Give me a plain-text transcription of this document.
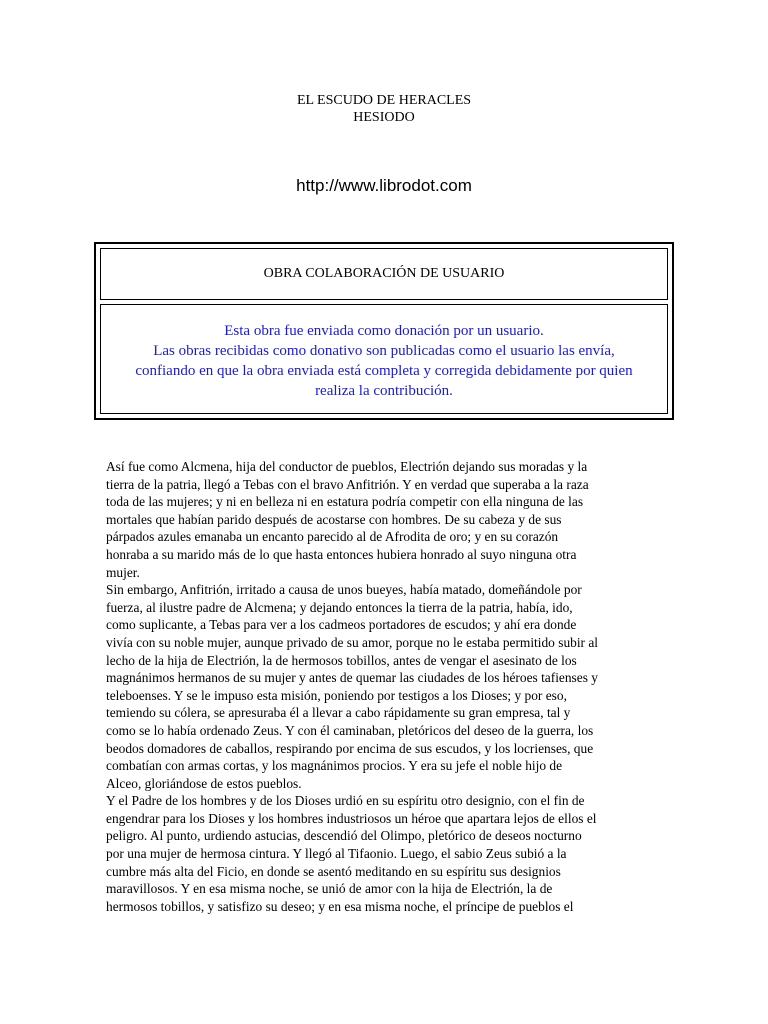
EL ESCUDO DE HERACLES
HESIODO
http://www.librodot.com
OBRA COLABORACIÓN DE USUARIO
Esta obra fue enviada como donación por un usuario.
Las obras recibidas como donativo son publicadas como el usuario las envía,
confiando en que la obra enviada está completa y corregida debidamente por quien
realiza la contribución.
Así fue como Alcmena, hija del conductor de pueblos, Electrión dejando sus moradas y la
tierra de la patria, llegó a Tebas con el bravo Anfitrión. Y en verdad que superaba a la raza
toda de las mujeres; y ni en belleza ni en estatura podría competir con ella ninguna de las
mortales que habían parido después de acostarse con hombres. De su cabeza y de sus
párpados azules emanaba un encanto parecido al de Afrodita de oro; y en su corazón
honraba a su marido más de lo que hasta entonces hubiera honrado al suyo ninguna otra
mujer.
Sin embargo, Anfitrión, irritado a causa de unos bueyes, había matado, domeñándole por
fuerza, al ilustre padre de Alcmena; y dejando entonces la tierra de la patria, había, ido,
como suplicante, a Tebas para ver a los cadmeos portadores de escudos; y ahí era donde
vivía con su noble mujer, aunque privado de su amor, porque no le estaba permitido subir al
lecho de la hija de Electrión, la de hermosos tobillos, antes de vengar el asesinato de los
magnánimos hermanos de su mujer y antes de quemar las ciudades de los héroes tafienses y
teleboenses. Y se le impuso esta misión, poniendo por testigos a los Dioses; y por eso,
temiendo su cólera, se apresuraba él a llevar a cabo rápidamente su gran empresa, tal y
como se lo había ordenado Zeus. Y con él caminaban, pletóricos del deseo de la guerra, los
beodos domadores de caballos, respirando por encima de sus escudos, y los locrienses, que
combatían con armas cortas, y los magnánimos procios. Y era su jefe el noble hijo de
Alceo, gloriándose de estos pueblos.
Y el Padre de los hombres y de los Dioses urdió en su espíritu otro designio, con el fin de
engendrar para los Dioses y los hombres industriosos un héroe que apartara lejos de ellos el
peligro. Al punto, urdiendo astucias, descendió del Olimpo, pletórico de deseos nocturno
por una mujer de hermosa cintura. Y llegó al Tifaonio. Luego, el sabio Zeus subió a la
cumbre más alta del Ficio, en donde se asentó meditando en su espíritu sus designios
maravillosos. Y en esa misma noche, se unió de amor con la hija de Electrión, la de
hermosos tobillos, y satisfizo su deseo; y en esa misma noche, el príncipe de pueblos el
